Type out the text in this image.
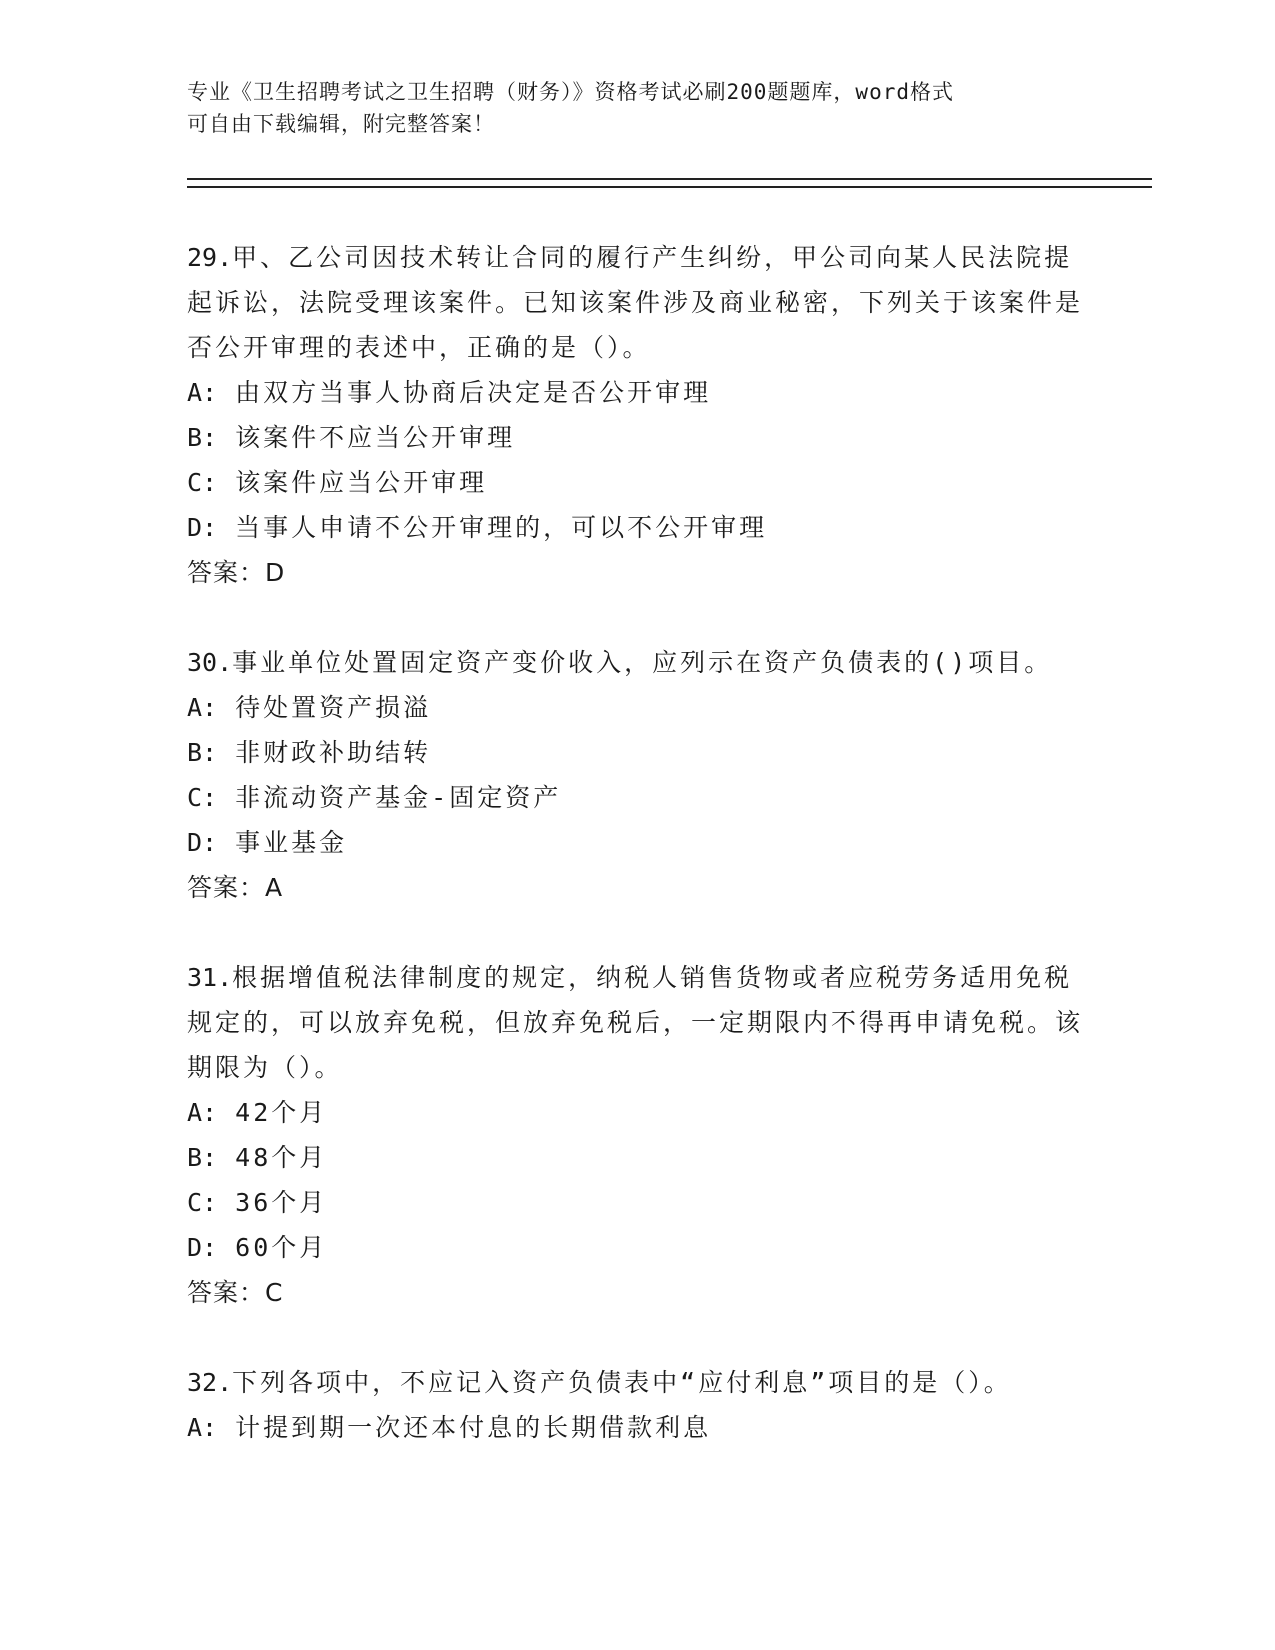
专业《卫生招聘考试之卫生招聘（财务）》资格考试必刷200题题库，word格式
可自由下载编辑，附完整答案！
29.甲、乙公司因技术转让合同的履行产生纠纷，甲公司向某人民法院提起诉讼，法院受理该案件。已知该案件涉及商业秘密，下列关于该案件是否公开审理的表述中，正确的是（）。
A: 由双方当事人协商后决定是否公开审理
B: 该案件不应当公开审理
C: 该案件应当公开审理
D: 当事人申请不公开审理的，可以不公开审理
答案：D
30.事业单位处置固定资产变价收入，应列示在资产负债表的()项目。
A: 待处置资产损溢
B: 非财政补助结转
C: 非流动资产基金-固定资产
D: 事业基金
答案：A
31.根据增值税法律制度的规定，纳税人销售货物或者应税劳务适用免税规定的，可以放弃免税，但放弃免税后，一定期限内不得再申请免税。该期限为（）。
A: 42个月
B: 48个月
C: 36个月
D: 60个月
答案：C
32.下列各项中，不应记入资产负债表中“应付利息”项目的是（）。
A: 计提到期一次还本付息的长期借款利息
